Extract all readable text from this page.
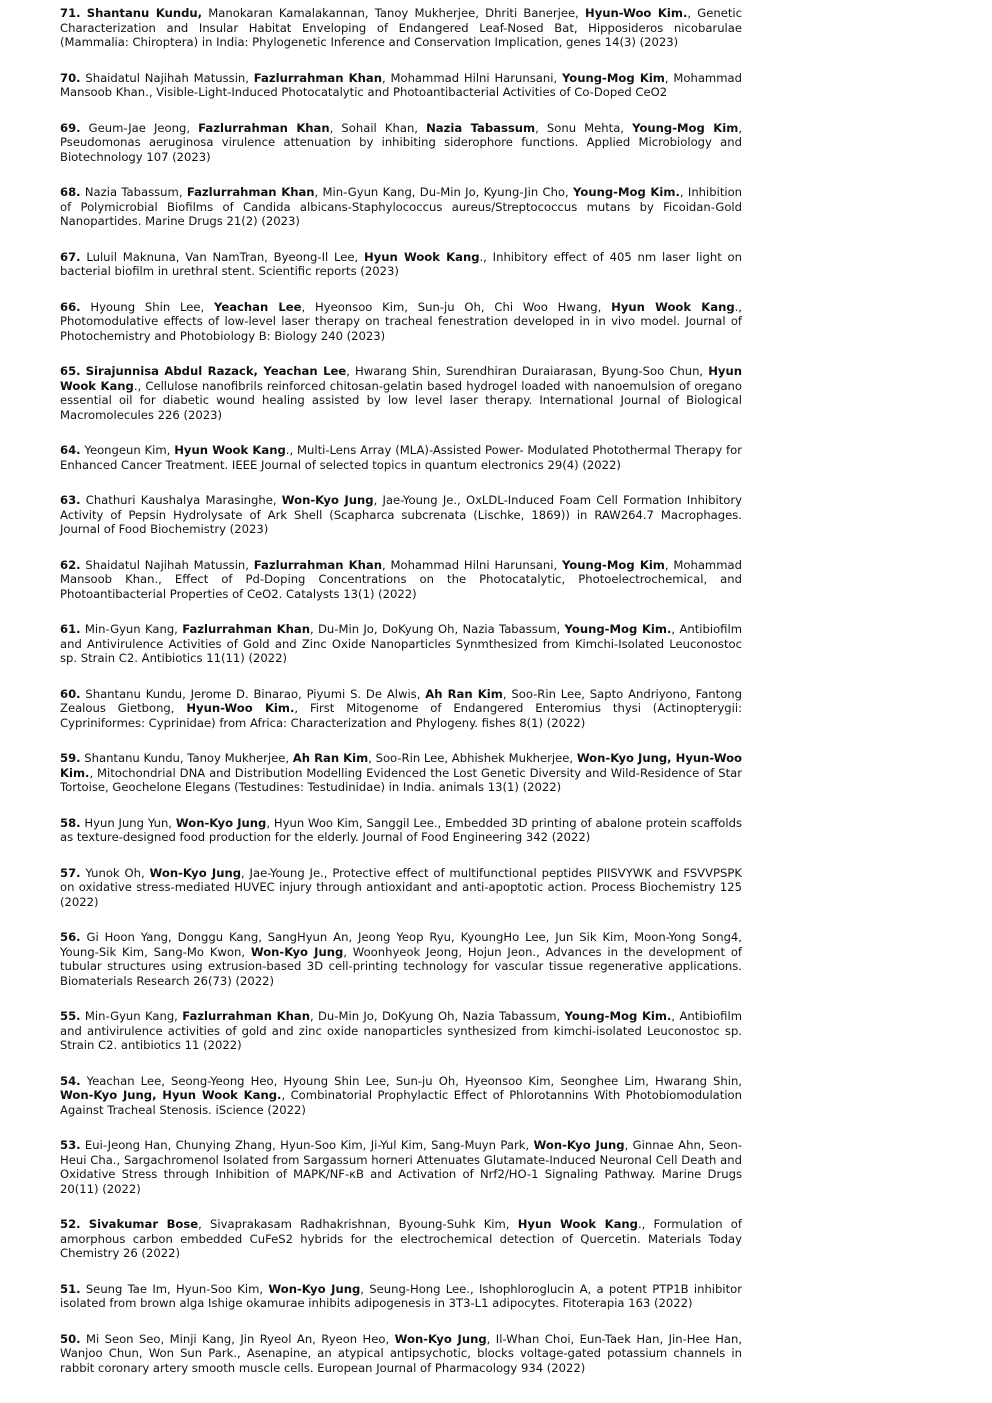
71. Shantanu Kundu, Manokaran Kamalakannan, Tanoy Mukherjee, Dhriti Banerjee, Hyun-Woo Kim., Genetic Characterization and Insular Habitat Enveloping of Endangered Leaf-Nosed Bat, Hipposideros nicobarulae (Mammalia: Chiroptera) in India: Phylogenetic Inference and Conservation Implication, genes 14(3) (2023)

70. Shaidatul Najihah Matussin, Fazlurrahman Khan, Mohammad Hilni Harunsani, Young-Mog Kim, Mohammad Mansoob Khan., Visible-Light-Induced Photocatalytic and Photoantibacterial Activities of Co-Doped CeO2

69. Geum-Jae Jeong, Fazlurrahman Khan, Sohail Khan, Nazia Tabassum, Sonu Mehta, Young-Mog Kim, Pseudomonas aeruginosa virulence attenuation by inhibiting siderophore functions. Applied Microbiology and Biotechnology 107 (2023)

68. Nazia Tabassum, Fazlurrahman Khan, Min-Gyun Kang, Du-Min Jo, Kyung-Jin Cho, Young-Mog Kim., Inhibition of Polymicrobial Biofilms of Candida albicans-Staphylococcus aureus/Streptococcus mutans by Ficoidan-Gold Nanopartides. Marine Drugs 21(2) (2023)

67. Luluil Maknuna, Van NamTran, Byeong-Il Lee, Hyun Wook Kang., Inhibitory effect of 405 nm laser light on bacterial biofilm in urethral stent. Scientific reports (2023)

66. Hyoung Shin Lee, Yeachan Lee, Hyeonsoo Kim, Sun-ju Oh, Chi Woo Hwang, Hyun Wook Kang., Photomodulative effects of low-level laser therapy on tracheal fenestration developed in in vivo model. Journal of Photochemistry and Photobiology B: Biology 240 (2023)

65. Sirajunnisa Abdul Razack, Yeachan Lee, Hwarang Shin, Surendhiran Duraiarasan, Byung-Soo Chun, Hyun Wook Kang., Cellulose nanofibrils reinforced chitosan-gelatin based hydrogel loaded with nanoemulsion of oregano essential oil for diabetic wound healing assisted by low level laser therapy. International Journal of Biological Macromolecules 226 (2023)

64. Yeongeun Kim, Hyun Wook Kang., Multi-Lens Array (MLA)-Assisted Power- Modulated Photothermal Therapy for Enhanced Cancer Treatment. IEEE Journal of selected topics in quantum electronics 29(4) (2022)

63. Chathuri Kaushalya Marasinghe, Won-Kyo Jung, Jae-Young Je., OxLDL-Induced Foam Cell Formation Inhibitory Activity of Pepsin Hydrolysate of Ark Shell (Scapharca subcrenata (Lischke, 1869)) in RAW264.7 Macrophages. Journal of Food Biochemistry (2023)

62. Shaidatul Najihah Matussin, Fazlurrahman Khan, Mohammad Hilni Harunsani, Young-Mog Kim, Mohammad Mansoob Khan., Effect of Pd-Doping Concentrations on the Photocatalytic, Photoelectrochemical, and Photoantibacterial Properties of CeO2. Catalysts 13(1) (2022)

61. Min-Gyun Kang, Fazlurrahman Khan, Du-Min Jo, DoKyung Oh, Nazia Tabassum, Young-Mog Kim., Antibiofilm and Antivirulence Activities of Gold and Zinc Oxide Nanoparticles Synmthesized from Kimchi-Isolated Leuconostoc sp. Strain C2. Antibiotics 11(11) (2022)

60. Shantanu Kundu, Jerome D. Binarao, Piyumi S. De Alwis, Ah Ran Kim, Soo-Rin Lee, Sapto Andriyono, Fantong Zealous Gietbong, Hyun-Woo Kim., First Mitogenome of Endangered Enteromius thysi (Actinopterygii: Cypriniformes: Cyprinidae) from Africa: Characterization and Phylogeny. fishes 8(1) (2022)

59. Shantanu Kundu, Tanoy Mukherjee, Ah Ran Kim, Soo-Rin Lee, Abhishek Mukherjee, Won-Kyo Jung, Hyun-Woo Kim., Mitochondrial DNA and Distribution Modelling Evidenced the Lost Genetic Diversity and Wild-Residence of Star Tortoise, Geochelone Elegans (Testudines: Testudinidae) in India. animals 13(1) (2022)

58. Hyun Jung Yun, Won-Kyo Jung, Hyun Woo Kim, Sanggil Lee., Embedded 3D printing of abalone protein scaffolds as texture-designed food production for the elderly. Journal of Food Engineering 342 (2022)

57. Yunok Oh, Won-Kyo Jung, Jae-Young Je., Protective effect of multifunctional peptides PIISVYWK and FSVVPSPK on oxidative stress-mediated HUVEC injury through antioxidant and anti-apoptotic action. Process Biochemistry 125 (2022)

56. Gi Hoon Yang, Donggu Kang, SangHyun An, Jeong Yeop Ryu, KyoungHo Lee, Jun Sik Kim, Moon-Yong Song4, Young-Sik Kim, Sang-Mo Kwon, Won-Kyo Jung, Woonhyeok Jeong, Hojun Jeon., Advances in the development of tubular structures using extrusion-based 3D cell-printing technology for vascular tissue regenerative applications. Biomaterials Research 26(73) (2022)

55. Min-Gyun Kang, Fazlurrahman Khan, Du-Min Jo, DoKyung Oh, Nazia Tabassum, Young-Mog Kim., Antibiofilm and antivirulence activities of gold and zinc oxide nanoparticles synthesized from kimchi-isolated Leuconostoc sp. Strain C2. antibiotics 11 (2022)

54. Yeachan Lee, Seong-Yeong Heo, Hyoung Shin Lee, Sun-ju Oh, Hyeonsoo Kim, Seonghee Lim, Hwarang Shin, Won-Kyo Jung, Hyun Wook Kang., Combinatorial Prophylactic Effect of Phlorotannins With Photobiomodulation Against Tracheal Stenosis. iScience (2022)

53. Eui-Jeong Han, Chunying Zhang, Hyun-Soo Kim, Ji-Yul Kim, Sang-Muyn Park, Won-Kyo Jung, Ginnae Ahn, Seon-Heui Cha., Sargachromenol Isolated from Sargassum horneri Attenuates Glutamate-Induced Neuronal Cell Death and Oxidative Stress through Inhibition of MAPK/NF-κB and Activation of Nrf2/HO-1 Signaling Pathway. Marine Drugs 20(11) (2022)

52. Sivakumar Bose, Sivaprakasam Radhakrishnan, Byoung-Suhk Kim, Hyun Wook Kang., Formulation of amorphous carbon embedded CuFeS2 hybrids for the electrochemical detection of Quercetin. Materials Today Chemistry 26 (2022)

51. Seung Tae Im, Hyun-Soo Kim, Won-Kyo Jung, Seung-Hong Lee., Ishophloroglucin A, a potent PTP1B inhibitor isolated from brown alga Ishige okamurae inhibits adipogenesis in 3T3-L1 adipocytes. Fitoterapia 163 (2022)

50. Mi Seon Seo, Minji Kang, Jin Ryeol An, Ryeon Heo, Won-Kyo Jung, Il-Whan Choi, Eun-Taek Han, Jin-Hee Han, Wanjoo Chun, Won Sun Park., Asenapine, an atypical antipsychotic, blocks voltage-gated potassium channels in rabbit coronary artery smooth muscle cells. European Journal of Pharmacology 934 (2022)
